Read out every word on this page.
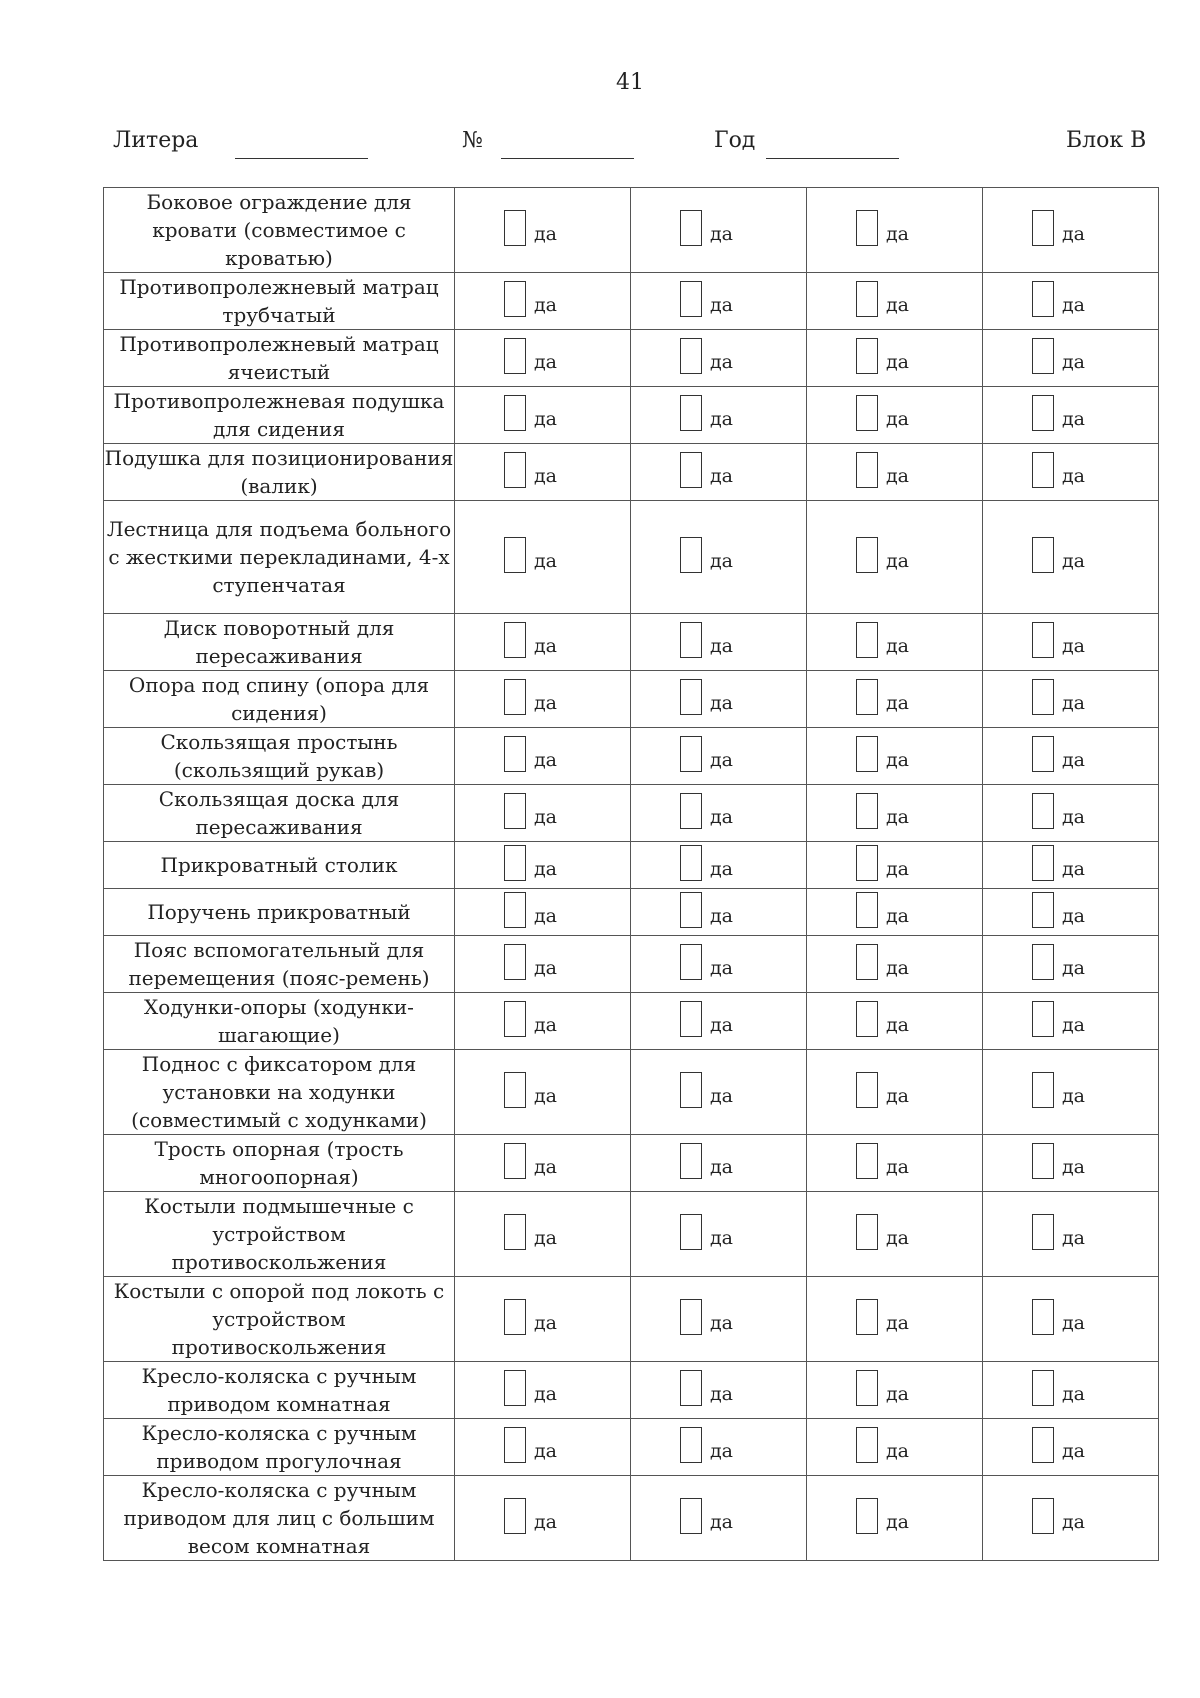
41
Литера	№	Год	Блок В
Боковое ограждение для кровати (совместимое с кроватью)	да	да	да	да

Противопролежневый матрац трубчатый	да	да	да	да

Противопролежневый матрац ячеистый	да	да	да	да

Противопролежневая подушка для сидения	да	да	да	да

Подушка для позиционирования (валик)	да	да	да	да

Лестница для подъема больного с жесткими перекладинами, 4-х ступенчатая	да	да	да	да

Диск поворотный для пересаживания	да	да	да	да

Опора под спину (опора для сидения)	да	да	да	да

Скользящая простынь (скользящий рукав)	да	да	да	да

Скользящая доска для пересаживания	да	да	да	да

Прикроватный столик	да	да	да	да

Поручень прикроватный	да	да	да	да

Пояс вспомогательный для перемещения (пояс-ремень)	да	да	да	да

Ходунки-опоры (ходунки-шагающие)	да	да	да	да

Поднос с фиксатором для установки на ходунки (совместимый с ходунками)	да	да	да	да

Трость опорная (трость многоопорная)	да	да	да	да

Костыли подмышечные с устройством противоскольжения	да	да	да	да

Костыли с опорой под локоть с устройством противоскольжения	да	да	да	да

Кресло-коляска с ручным приводом комнатная	да	да	да	да

Кресло-коляска с ручным приводом прогулочная	да	да	да	да

Кресло-коляска с ручным приводом для лиц с большим весом комнатная	да	да	да	да
